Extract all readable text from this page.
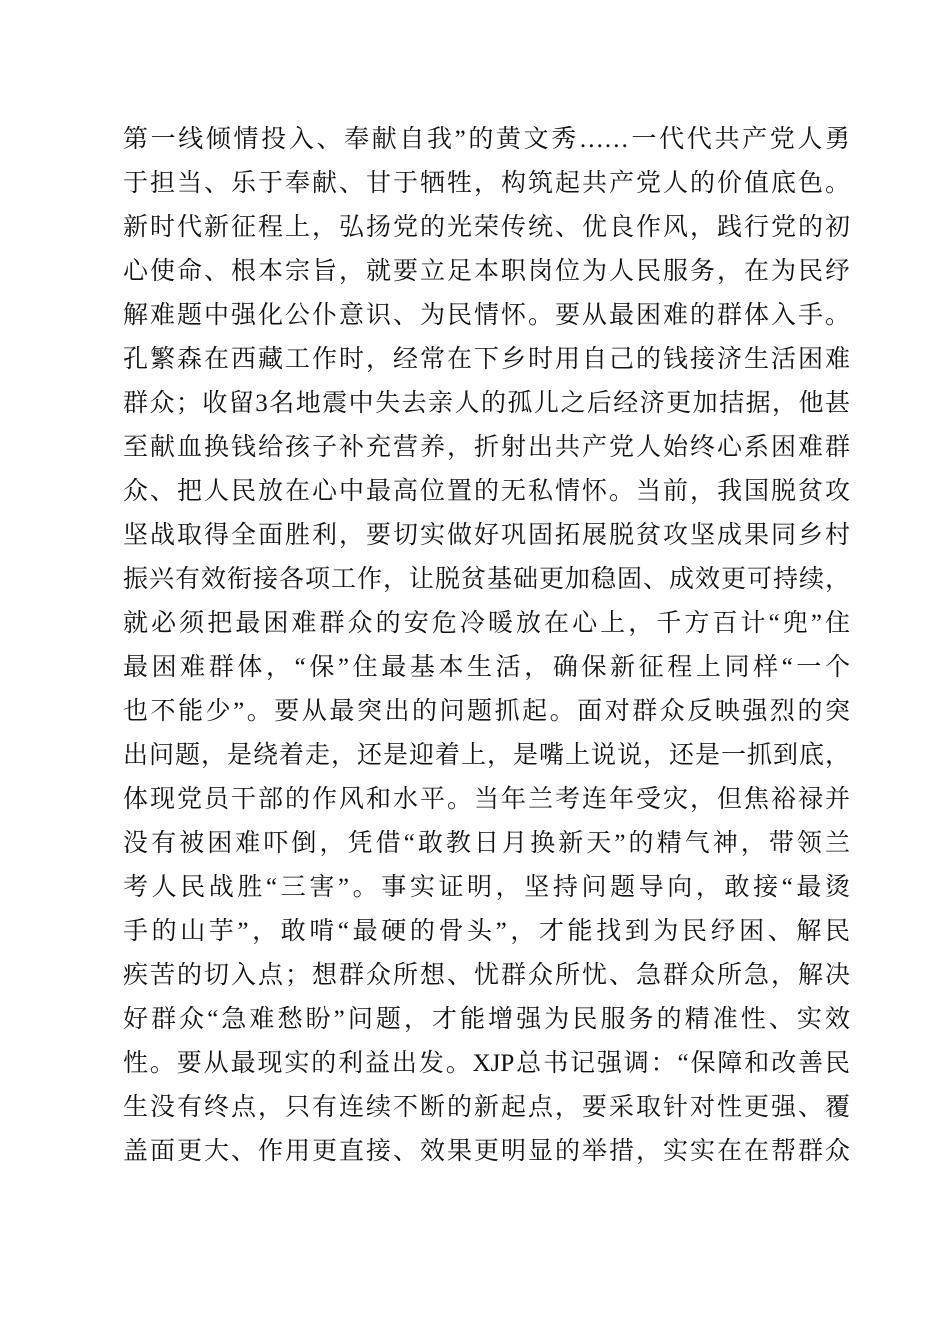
第一线倾情投入、奉献自我”的黄文秀……一代代共产党人勇
于担当、乐于奉献、甘于牺牲，构筑起共产党人的价值底色。
新时代新征程上，弘扬党的光荣传统、优良作风，践行党的初
心使命、根本宗旨，就要立足本职岗位为人民服务，在为民纾
解难题中强化公仆意识、为民情怀。要从最困难的群体入手。
孔繁森在西藏工作时，经常在下乡时用自己的钱接济生活困难
群众；收留3名地震中失去亲人的孤儿之后经济更加拮据，他甚
至献血换钱给孩子补充营养，折射出共产党人始终心系困难群
众、把人民放在心中最高位置的无私情怀。当前，我国脱贫攻
坚战取得全面胜利，要切实做好巩固拓展脱贫攻坚成果同乡村
振兴有效衔接各项工作，让脱贫基础更加稳固、成效更可持续，
就必须把最困难群众的安危冷暖放在心上，千方百计“兜”住
最困难群体，“保”住最基本生活，确保新征程上同样“一个
也不能少”。要从最突出的问题抓起。面对群众反映强烈的突
出问题，是绕着走，还是迎着上，是嘴上说说，还是一抓到底，
体现党员干部的作风和水平。当年兰考连年受灾，但焦裕禄并
没有被困难吓倒，凭借“敢教日月换新天”的精气神，带领兰
考人民战胜“三害”。事实证明，坚持问题导向，敢接“最烫
手的山芋”，敢啃“最硬的骨头”，才能找到为民纾困、解民
疾苦的切入点；想群众所想、忧群众所忧、急群众所急，解决
好群众“急难愁盼”问题，才能增强为民服务的精准性、实效
性。要从最现实的利益出发。XJP总书记强调：“保障和改善民
生没有终点，只有连续不断的新起点，要采取针对性更强、覆
盖面更大、作用更直接、效果更明显的举措，实实在在帮群众
